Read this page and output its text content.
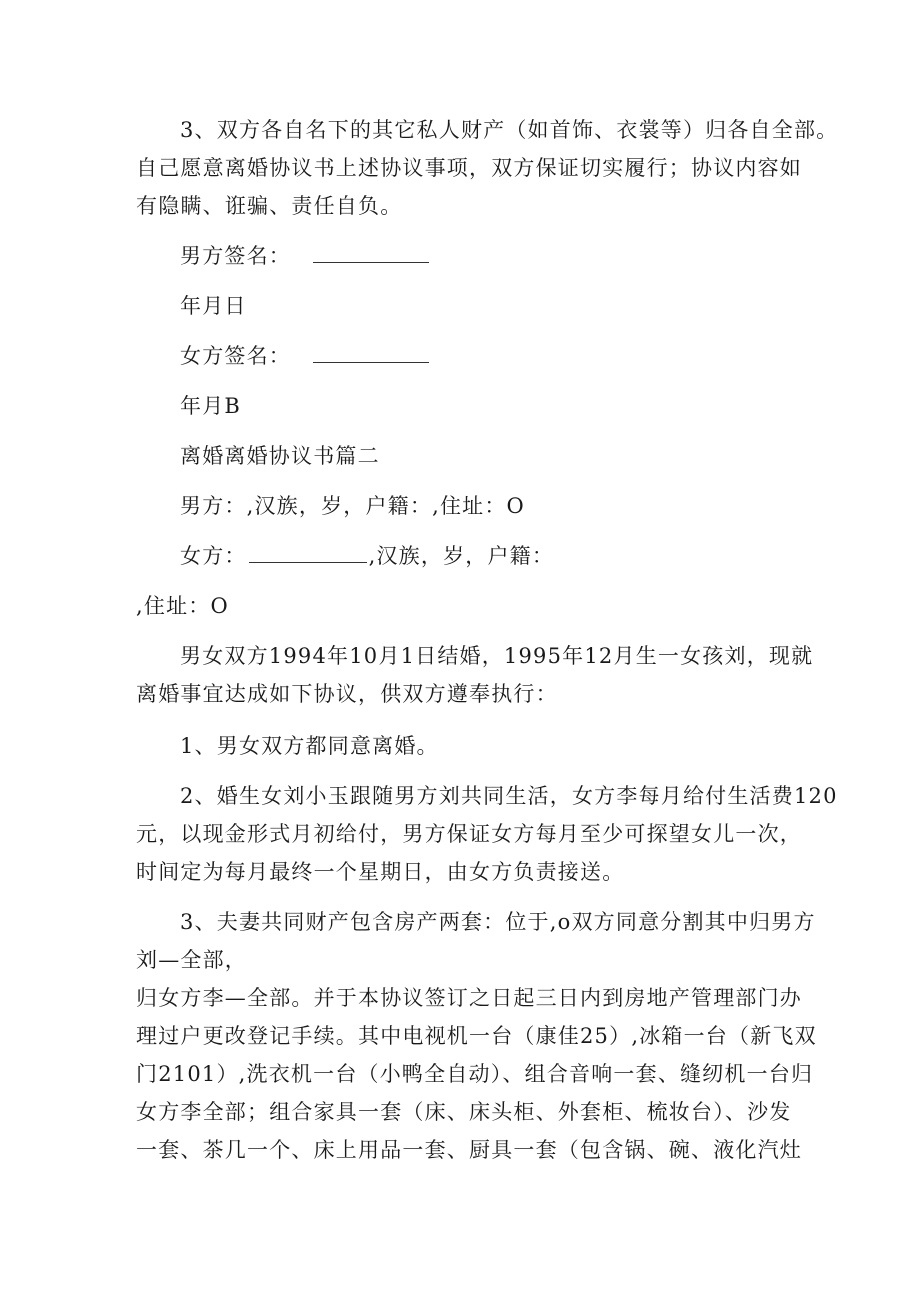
3、双方各自名下的其它私人财产（如首饰、衣裳等）归各自全部。
自己愿意离婚协议书上述协议事项，双方保证切实履行；协议内容如
有隐瞒、诳骗、责任自负。
男方签名：
年月日
女方签名：
年月B
离婚离婚协议书篇二
男方：,汉族，岁，户籍：,住址：O
女方：	,汉族，岁，户籍：
,住址：O
男女双方1994年10月1日结婚，1995年12月生一女孩刘，现就
离婚事宜达成如下协议，供双方遵奉执行：
1、男女双方都同意离婚。
2、婚生女刘小玉跟随男方刘共同生活，女方李每月给付生活费120
元，以现金形式月初给付，男方保证女方每月至少可探望女儿一次，
时间定为每月最终一个星期日，由女方负责接送。
3、夫妻共同财产包含房产两套：位于,o双方同意分割其中归男方
刘—全部，
归女方李—全部。并于本协议签订之日起三日内到房地产管理部门办
理过户更改登记手续。其中电视机一台（康佳25）,冰箱一台（新飞双
门2101）,洗衣机一台（小鸭全自动）、组合音响一套、缝纫机一台归
女方李全部；组合家具一套（床、床头柜、外套柜、梳妆台）、沙发
一套、茶几一个、床上用品一套、厨具一套（包含锅、碗、液化汽灶
